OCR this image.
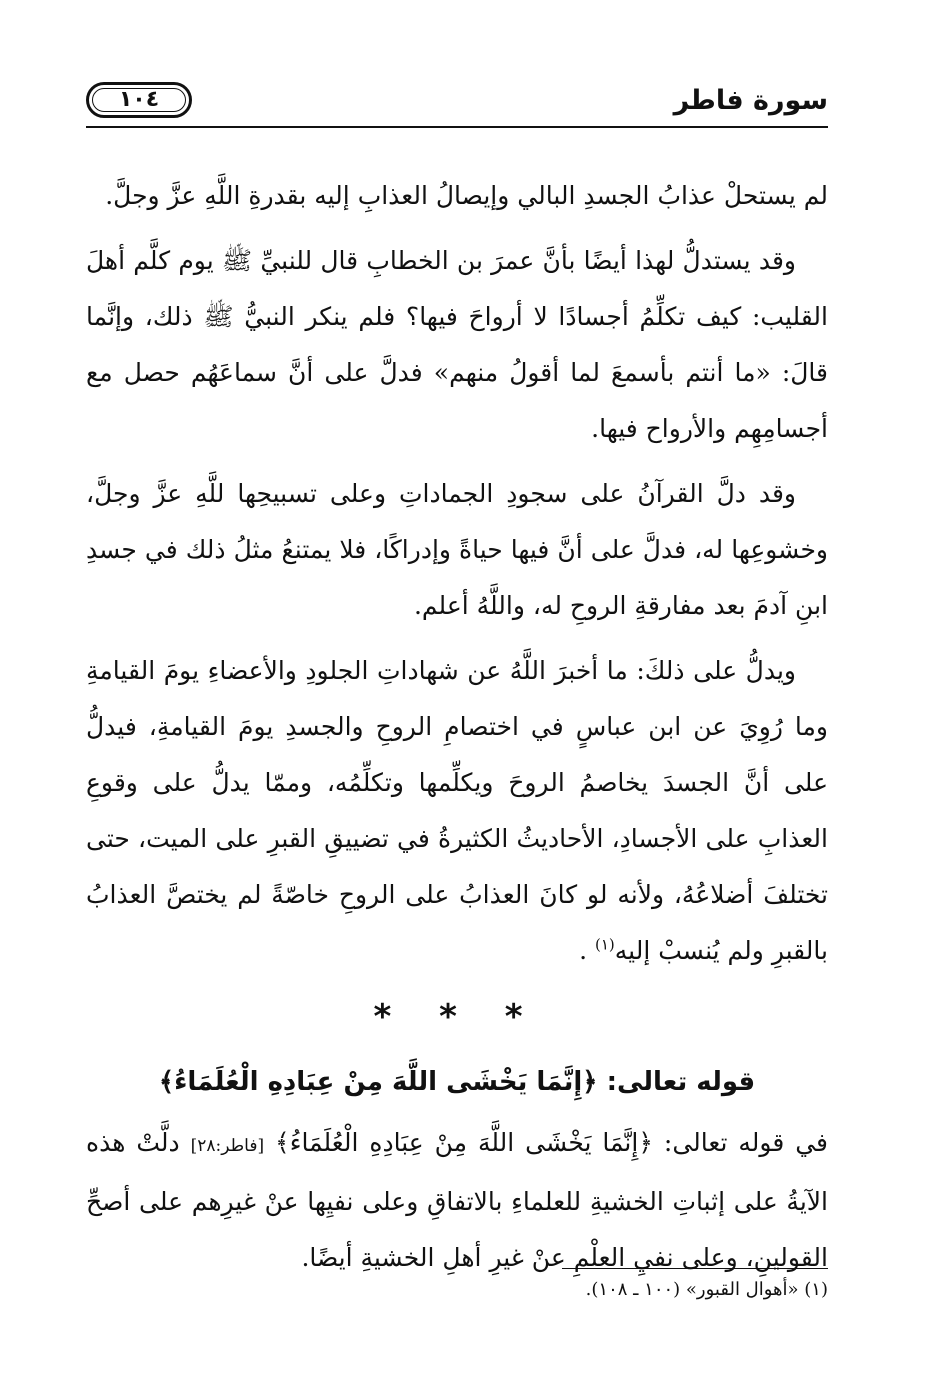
سورة فاطر
١٠٤

لم يستحلْ عذابُ الجسدِ البالي وإيصالُ العذابِ إليه بقدرةِ اللَّهِ عزَّ وجلَّ.

وقد يستدلُّ لهذا أيضًا بأنَّ عمرَ بن الخطابِ قال للنبيِّ ﷺ يوم كلَّم أهلَ القليب: كيف تكلِّمُ أجسادًا لا أرواحَ فيها؟ فلم ينكر النبيُّ ﷺ ذلك، وإنَّما قالَ: «ما أنتم بأسمعَ لما أقولُ منهم» فدلَّ على أنَّ سماعَهُم حصل مع أجسامِهِم والأرواح فيها.

وقد دلَّ القرآنُ على سجودِ الجماداتِ وعلى تسبيحِها للَّهِ عزَّ وجلَّ، وخشوعِها له، فدلَّ على أنَّ فيها حياةً وإدراكًا، فلا يمتنعُ مثلُ ذلك في جسدِ ابنِ آدمَ بعد مفارقةِ الروحِ له، واللَّهُ أعلم.

ويدلُّ على ذلكَ: ما أخبرَ اللَّهُ عن شهاداتِ الجلودِ والأعضاءِ يومَ القيامةِ وما رُوِيَ عن ابن عباسٍ في اختصامِ الروحِ والجسدِ يومَ القيامةِ، فيدلُّ على أنَّ الجسدَ يخاصمُ الروحَ ويكلِّمها وتكلِّمُه، وممّا يدلُّ على وقوعِ العذابِ على الأجسادِ، الأحاديثُ الكثيرةُ في تضييقِ القبرِ على الميت، حتى تختلفَ أضلاعُهُ، ولأنه لو كانَ العذابُ على الروحِ خاصّةً لم يختصَّ العذابُ بالقبرِ ولم يُنسبْ إليه$^{(١)}$ .

* * *
قوله تعالى: ﴿إِنَّمَا يَخْشَى اللَّهَ مِنْ عِبَادِهِ الْعُلَمَاءُ﴾

في قوله تعالى: ﴿إِنَّمَا يَخْشَى اللَّهَ مِنْ عِبَادِهِ الْعُلَمَاءُ﴾ [فاطر:٢٨] دلَّتْ هذه الآيةُ على إثباتِ الخشيةِ للعلماءِ بالاتفاقِ وعلى نفيِها عنْ غيرِهم على أصحِّ القولينِ، وعلى نفيِ العلْمِ عنْ غيرِ أهلِ الخشيةِ أيضًا.

(١) «أهوال القبور» (١٠٠ ـ ١٠٨).
